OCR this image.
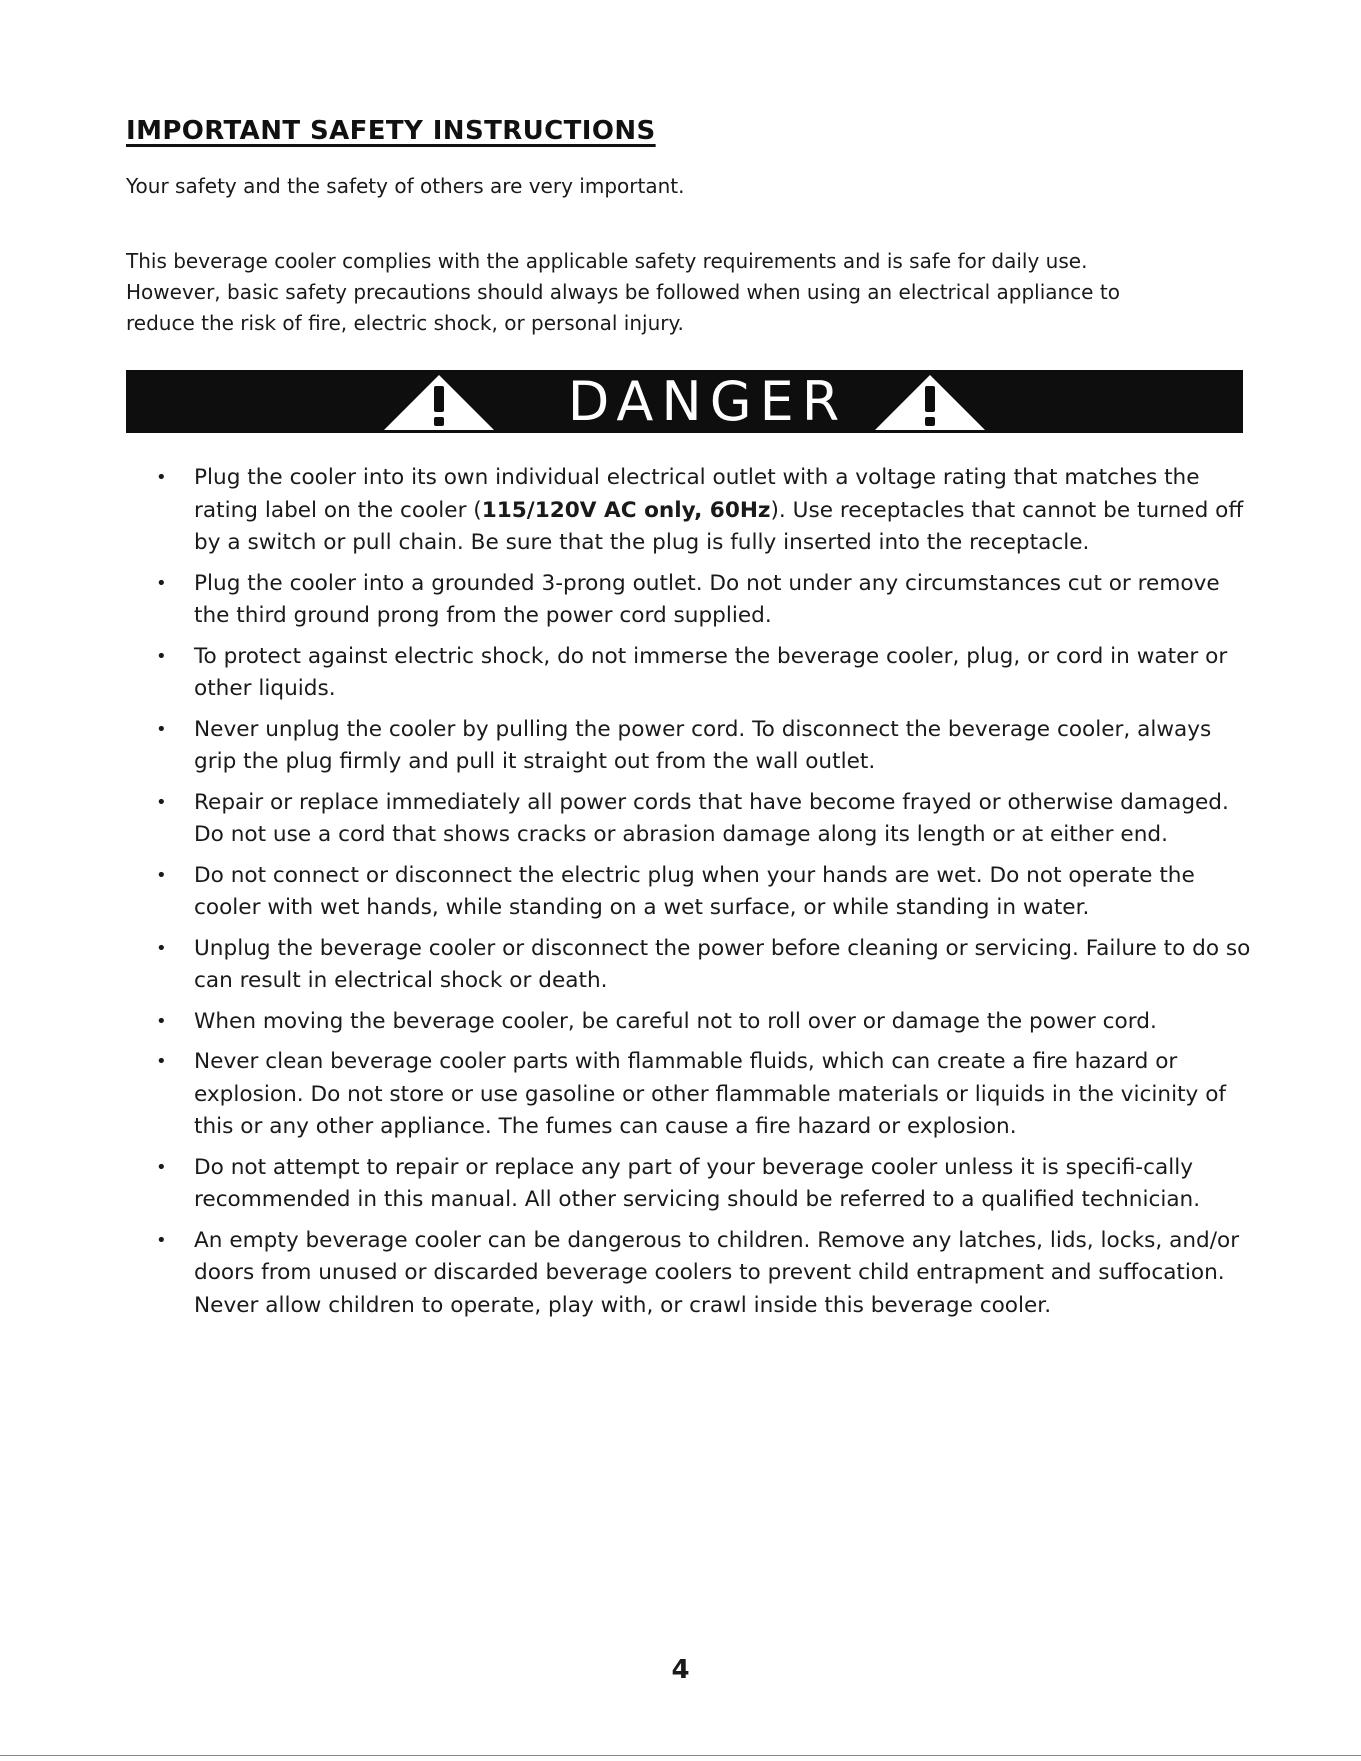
IMPORTANT SAFETY INSTRUCTIONS

Your safety and the safety of others are very important.

This beverage cooler complies with the applicable safety requirements and is safe for daily use.
However, basic safety precautions should always be followed when using an electrical appliance to
reduce the risk of fire, electric shock, or personal injury.

DANGER
• Plug the cooler into its own individual electrical outlet with a voltage rating that matches the rating label on the cooler (115/120V AC only, 60Hz). Use receptacles that cannot be turned off by a switch or pull chain. Be sure that the plug is fully inserted into the receptacle.
• Plug the cooler into a grounded 3-prong outlet. Do not under any circumstances cut or remove the third ground prong from the power cord supplied.
• To protect against electric shock, do not immerse the beverage cooler, plug, or cord in water or other liquids.
• Never unplug the cooler by pulling the power cord. To disconnect the beverage cooler, always grip the plug firmly and pull it straight out from the wall outlet.
• Repair or replace immediately all power cords that have become frayed or otherwise damaged. Do not use a cord that shows cracks or abrasion damage along its length or at either end.
• Do not connect or disconnect the electric plug when your hands are wet. Do not operate the cooler with wet hands, while standing on a wet surface, or while standing in water.
• Unplug the beverage cooler or disconnect the power before cleaning or servicing. Failure to do so can result in electrical shock or death.
• When moving the beverage cooler, be careful not to roll over or damage the power cord.
• Never clean beverage cooler parts with flammable fluids, which can create a fire hazard or explosion. Do not store or use gasoline or other flammable materials or liquids in the vicinity of this or any other appliance. The fumes can cause a fire hazard or explosion.
• Do not attempt to repair or replace any part of your beverage cooler unless it is specifi-cally recommended in this manual. All other servicing should be referred to a qualified technician.
• An empty beverage cooler can be dangerous to children. Remove any latches, lids, locks, and/or doors from unused or discarded beverage coolers to prevent child entrapment and suffocation. Never allow children to operate, play with, or crawl inside this beverage cooler.
4
